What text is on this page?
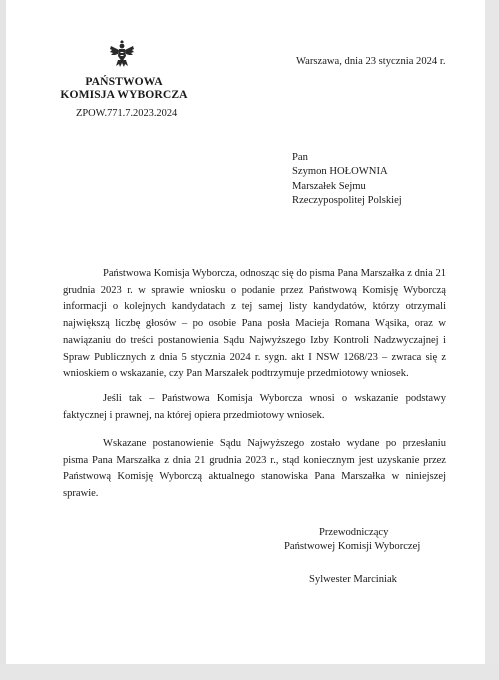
PAŃSTWOWA
KOMISJA WYBORCZA
ZPOW.771.7.2023.2024
Warszawa, dnia 23 stycznia 2024 r.
Pan
Szymon HOŁOWNIA
Marszałek Sejmu
Rzeczypospolitej Polskiej

Państwowa Komisja Wyborcza, odnosząc się do pisma Pana Marszałka z dnia 21 grudnia 2023 r. w sprawie wniosku o podanie przez Państwową Komisję Wyborczą informacji o kolejnych kandydatach z tej samej listy kandydatów, którzy otrzymali największą liczbę głosów – po osobie Pana posła Macieja Romana Wąsika, oraz w nawiązaniu do treści postanowienia Sądu Najwyższego Izby Kontroli Nadzwyczajnej i Spraw Publicznych z dnia 5 stycznia 2024 r. sygn. akt I NSW 1268/23 – zwraca się z wnioskiem o wskazanie, czy Pan Marszałek podtrzymuje przedmiotowy wniosek.

Jeśli tak – Państwowa Komisja Wyborcza wnosi o wskazanie podstawy faktycznej i prawnej, na której opiera przedmiotowy wniosek.

Wskazane postanowienie Sądu Najwyższego zostało wydane po przesłaniu pisma Pana Marszałka z dnia 21 grudnia 2023 r., stąd koniecznym jest uzyskanie przez Państwową Komisję Wyborczą aktualnego stanowiska Pana Marszałka w niniejszej sprawie.

Przewodniczący
Państwowej Komisji Wyborczej
Sylwester Marciniak
